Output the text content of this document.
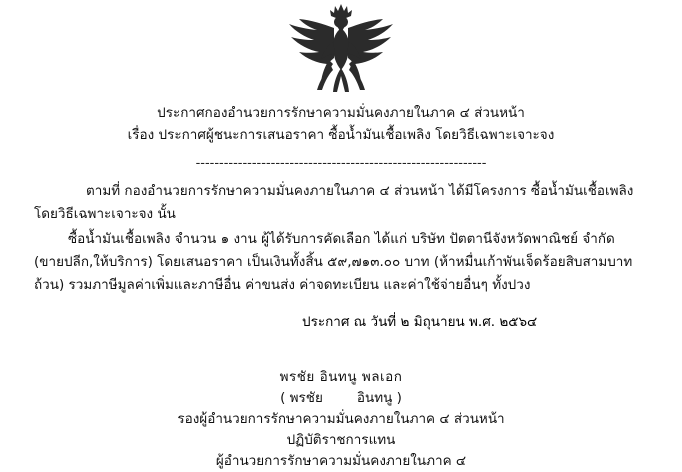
ประกาศกองอำนวยการรักษาความมั่นคงภายในภาค ๔ ส่วนหน้า
เรื่อง ประกาศผู้ชนะการเสนอราคา ซื้อน้ำมันเชื้อเพลิง โดยวิธีเฉพาะเจาะจง
--------------------------------------------------------------

ตามที่ กองอำนวยการรักษาความมั่นคงภายในภาค ๔ ส่วนหน้า ได้มีโครงการ ซื้อน้ำมันเชื้อเพลิง โดยวิธีเฉพาะเจาะจง นั้น

ซื้อน้ำมันเชื้อเพลิง จำนวน ๑ งาน ผู้ได้รับการคัดเลือก ได้แก่ บริษัท ปัตตานีจังหวัดพาณิชย์ จำกัด (ขายปลีก,ให้บริการ) โดยเสนอราคา เป็นเงินทั้งสิ้น ๕๙,๗๑๓.๐๐ บาท (ห้าหมื่นเก้าพันเจ็ดร้อยสิบสามบาทถ้วน) รวมภาษีมูลค่าเพิ่มและภาษีอื่น ค่าขนส่ง ค่าจดทะเบียน และค่าใช้จ่ายอื่นๆ ทั้งปวง

ประกาศ ณ วันที่ ๒ มิถุนายน พ.ศ. ๒๕๖๔
พรชัย อินทนู พลเอก
( พรชัย	อินทนู )
รองผู้อำนวยการรักษาความมั่นคงภายในภาค ๔ ส่วนหน้า
ปฏิบัติราชการแทน
ผู้อำนวยการรักษาความมั่นคงภายในภาค ๔
